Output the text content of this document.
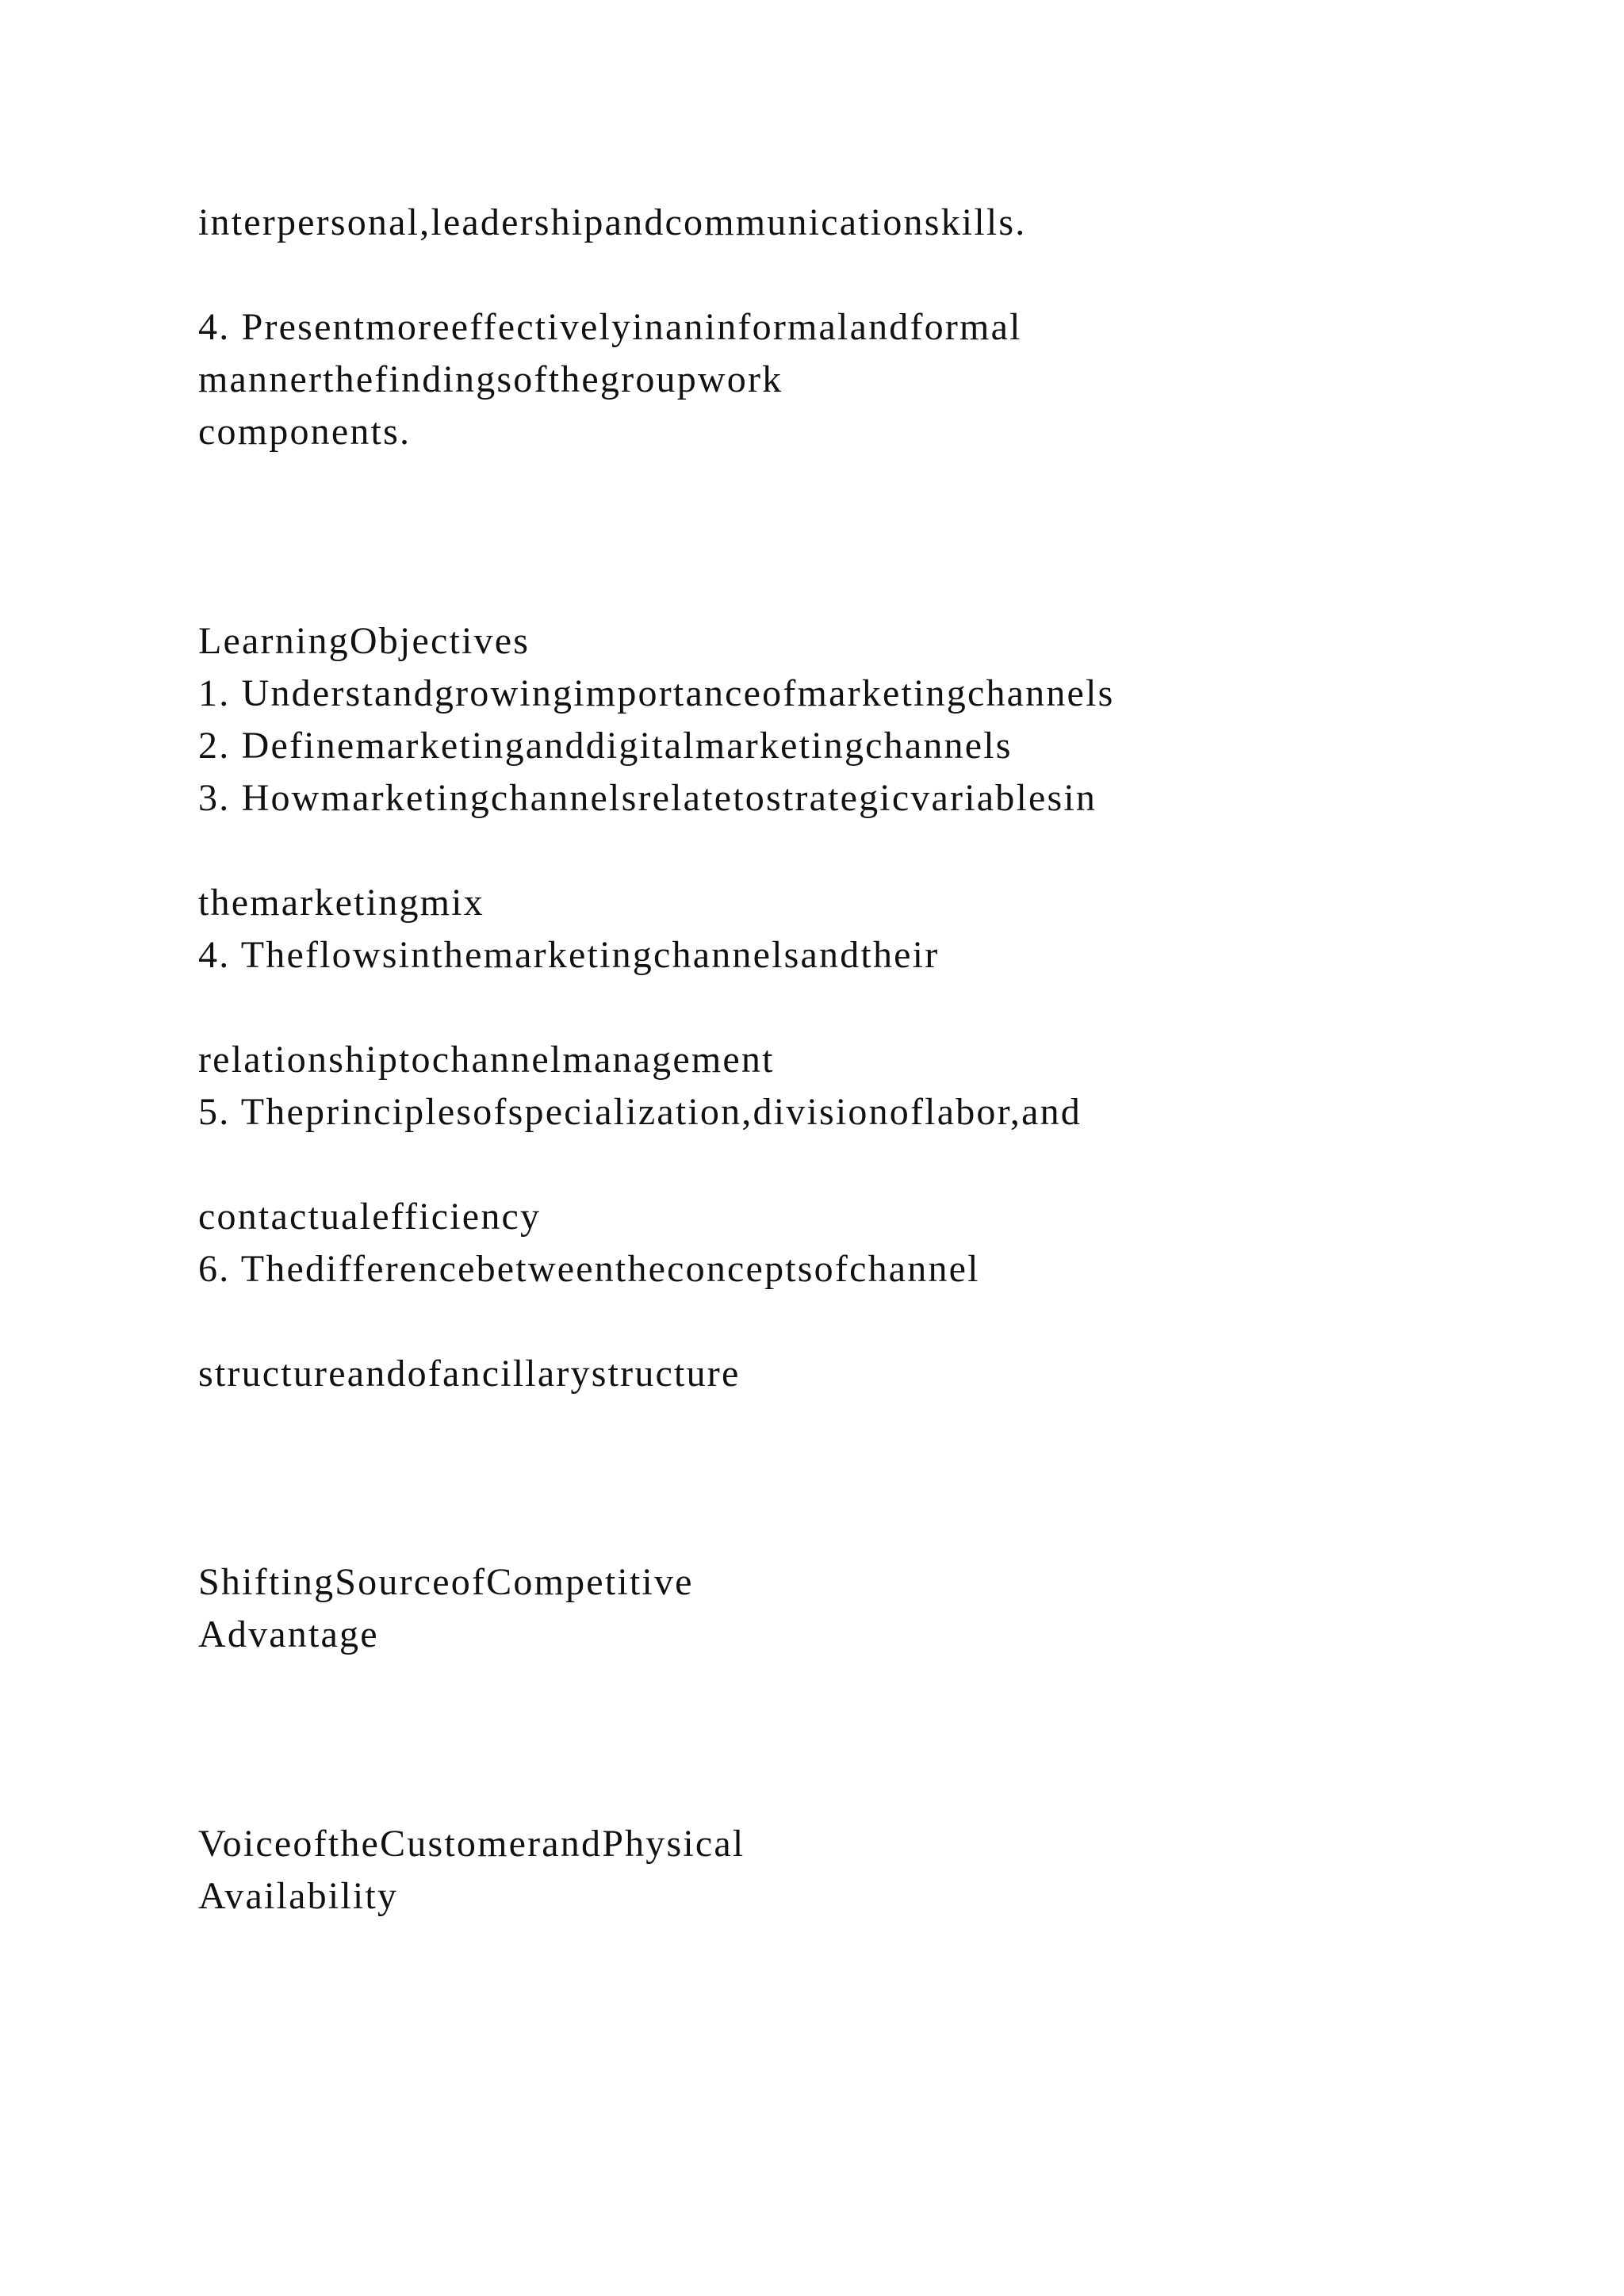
interpersonal,leadershipandcommunicationskills.

4. Presentmoreeffectivelyinaninformalandformal

mannerthefindingsofthegroupwork

components.

LearningObjectives

1. Understandgrowingimportanceofmarketingchannels

2. Definemarketinganddigitalmarketingchannels

3. Howmarketingchannelsrelatetostrategicvariablesin

themarketingmix

4. Theflowsinthemarketingchannelsandtheir

relationshiptochannelmanagement

5. Theprinciplesofspecialization,divisionoflabor,and

contactualefficiency

6. Thedifferencebetweentheconceptsofchannel

structureandofancillarystructure

ShiftingSourceofCompetitive

Advantage

VoiceoftheCustomerandPhysical

Availability
